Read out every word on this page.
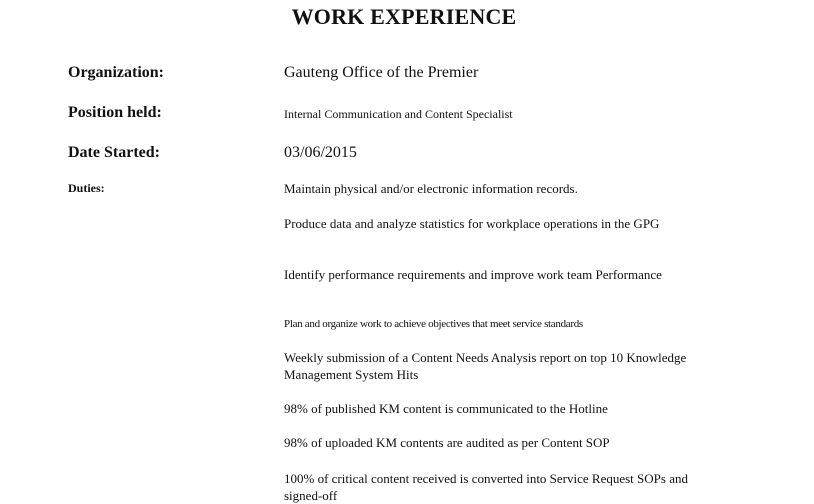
WORK EXPERIENCE
Organization:	Gauteng Office of the Premier
Position held:	Internal Communication and Content Specialist
Date Started:	03/06/2015
Duties:	Maintain physical and/or electronic information records.
Produce data and analyze statistics for workplace operations in the GPG
Identify performance requirements and improve work team Performance
Plan and organize work to achieve objectives that meet service standards
Weekly submission of a Content Needs Analysis report on top 10 Knowledge Management System Hits
98% of published KM content is communicated to the Hotline
98% of uploaded KM contents are audited as per Content SOP
100% of critical content received is converted into Service Request SOPs and signed-off
